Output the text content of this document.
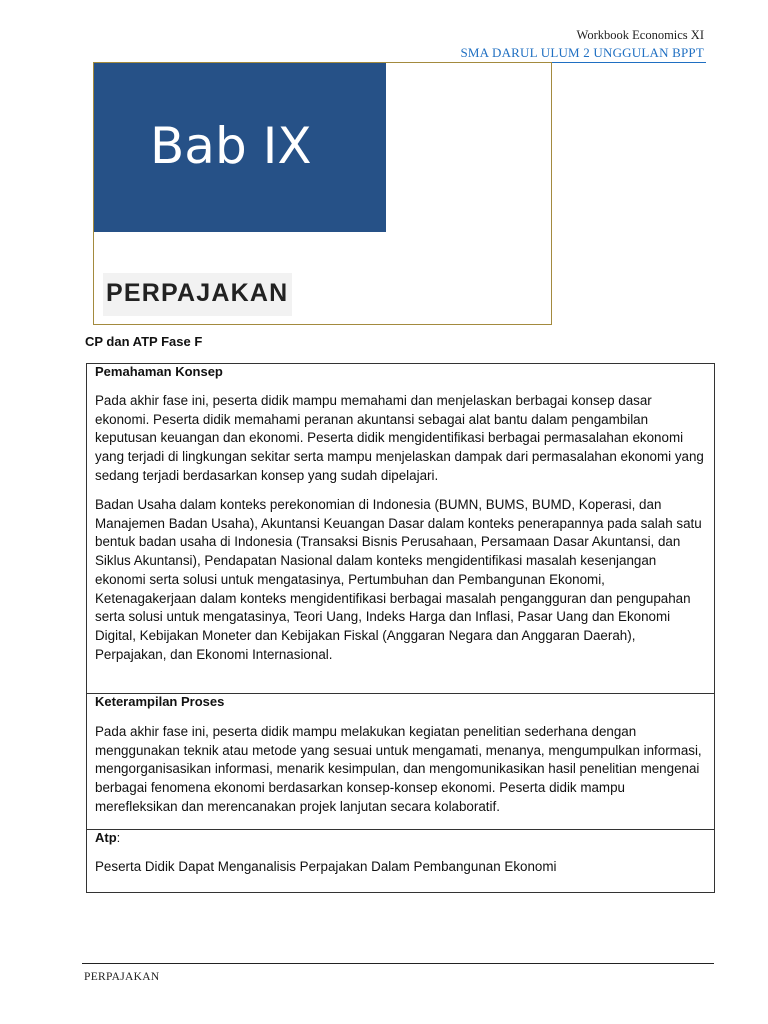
Workbook Economics XI
SMA DARUL ULUM 2 UNGGULAN BPPT
Bab IX
PERPAJAKAN
CP dan ATP Fase F
Pemahaman Konsep

Pada akhir fase ini, peserta didik mampu memahami dan menjelaskan berbagai konsep dasar ekonomi. Peserta didik memahami peranan akuntansi sebagai alat bantu dalam pengambilan keputusan keuangan dan ekonomi. Peserta didik mengidentifikasi berbagai permasalahan ekonomi yang terjadi di lingkungan sekitar serta mampu menjelaskan dampak dari permasalahan ekonomi yang sedang terjadi berdasarkan konsep yang sudah dipelajari.

Badan Usaha dalam konteks perekonomian di Indonesia (BUMN, BUMS, BUMD, Koperasi, dan Manajemen Badan Usaha), Akuntansi Keuangan Dasar dalam konteks penerapannya pada salah satu bentuk badan usaha di Indonesia (Transaksi Bisnis Perusahaan, Persamaan Dasar Akuntansi, dan Siklus Akuntansi), Pendapatan Nasional dalam konteks mengidentifikasi masalah kesenjangan ekonomi serta solusi untuk mengatasinya, Pertumbuhan dan Pembangunan Ekonomi, Ketenagakerjaan dalam konteks mengidentifikasi berbagai masalah pengangguran dan pengupahan serta solusi untuk mengatasinya, Teori Uang, Indeks Harga dan Inflasi, Pasar Uang dan Ekonomi Digital, Kebijakan Moneter dan Kebijakan Fiskal (Anggaran Negara dan Anggaran Daerah), Perpajakan, dan Ekonomi Internasional.

Keterampilan Proses

Pada akhir fase ini, peserta didik mampu melakukan kegiatan penelitian sederhana dengan menggunakan teknik atau metode yang sesuai untuk mengamati, menanya, mengumpulkan informasi, mengorganisasikan informasi, menarik kesimpulan, dan mengomunikasikan hasil penelitian mengenai berbagai fenomena ekonomi berdasarkan konsep-konsep ekonomi. Peserta didik mampu merefleksikan dan merencanakan projek lanjutan secara kolaboratif.

Atp:

Peserta Didik Dapat Menganalisis Perpajakan Dalam Pembangunan Ekonomi

PERPAJAKAN
